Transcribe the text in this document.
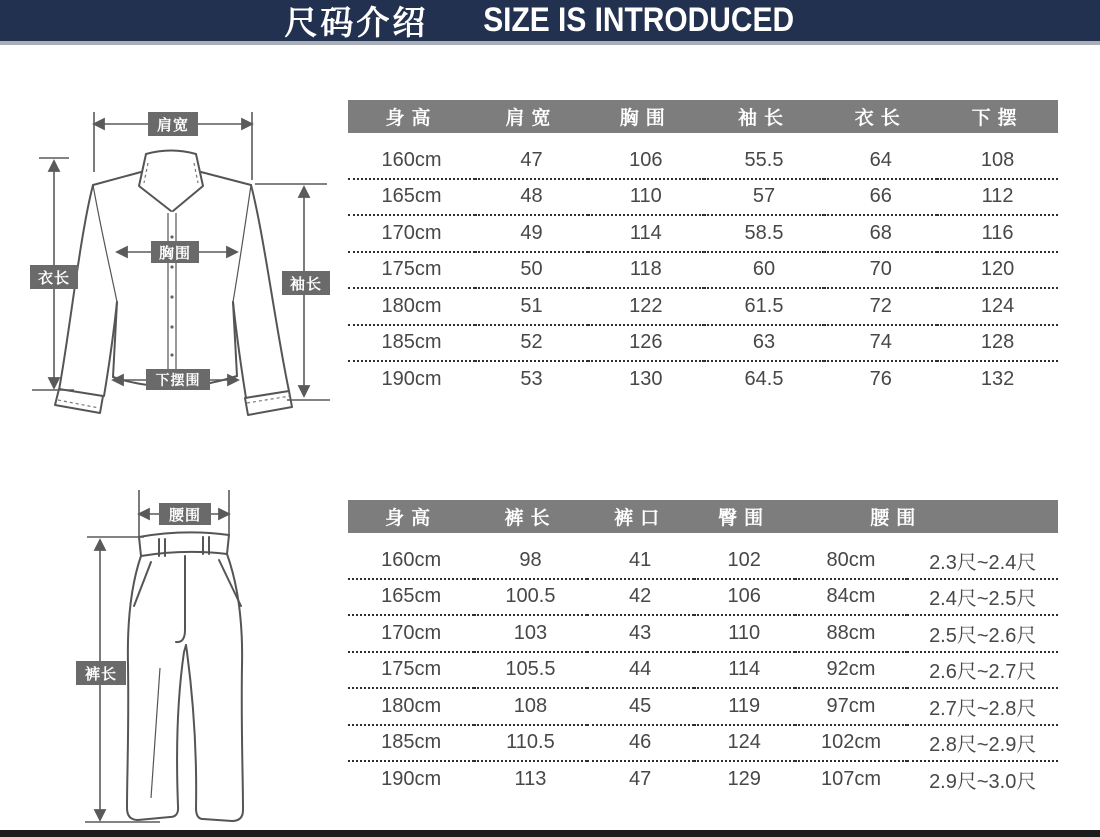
尺码介绍 SIZE IS INTRODUCED
肩宽
胸围
衣长	袖长
下摆围
腰围
裤长
身高	肩宽	胸围	袖长	衣长	下摆

160cm	47	106	55.5	64	108
165cm	48	110	57	66	112
170cm	49	114	58.5	68	116
175cm	50	118	60	70	120
180cm	51	122	61.5	72	124
185cm	52	126	63	74	128
190cm	53	130	64.5	76	132
身高	裤长	裤口	臀围	腰围	

160cm	98	41	102	80cm	2.3尺~2.4尺
165cm	100.5	42	106	84cm	2.4尺~2.5尺
170cm	103	43	110	88cm	2.5尺~2.6尺
175cm	105.5	44	114	92cm	2.6尺~2.7尺
180cm	108	45	119	97cm	2.7尺~2.8尺
185cm	110.5	46	124	102cm	2.8尺~2.9尺
190cm	113	47	129	107cm	2.9尺~3.0尺
